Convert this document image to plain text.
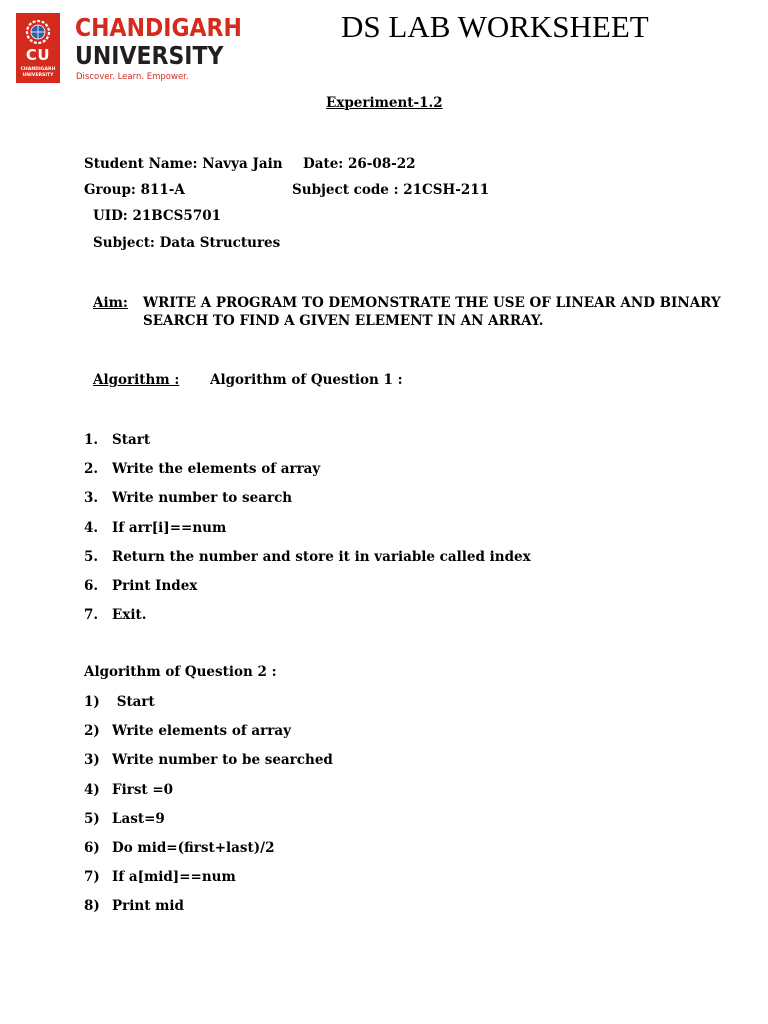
CU
CHANDIGARH
UNIVERSITY
CHANDIGARH
UNIVERSITY
Discover. Learn. Empower.
DS LAB WORKSHEET
Experiment-1.2
Student Name: Navya Jain Date: 26-08-22
Group: 811-A	Subject code : 21CSH-211
UID: 21BCS5701
Subject: Data Structures
Aim: WRITE A PROGRAM TO DEMONSTRATE THE USE OF LINEAR AND BINARY
SEARCH TO FIND A GIVEN ELEMENT IN AN ARRAY.
Algorithm : Algorithm of Question 1 :
1.	Start
2.	Write the elements of array
3.	Write number to search
4.	If arr[i]==num
5.	Return the number and store it in variable called index
6.	Print Index
7.	Exit.
Algorithm of Question 2 :
1) Start
2) Write elements of array
3) Write number to be searched
4) First =0
5) Last=9
6) Do mid=(first+last)/2
7) If a[mid]==num
8) Print mid
